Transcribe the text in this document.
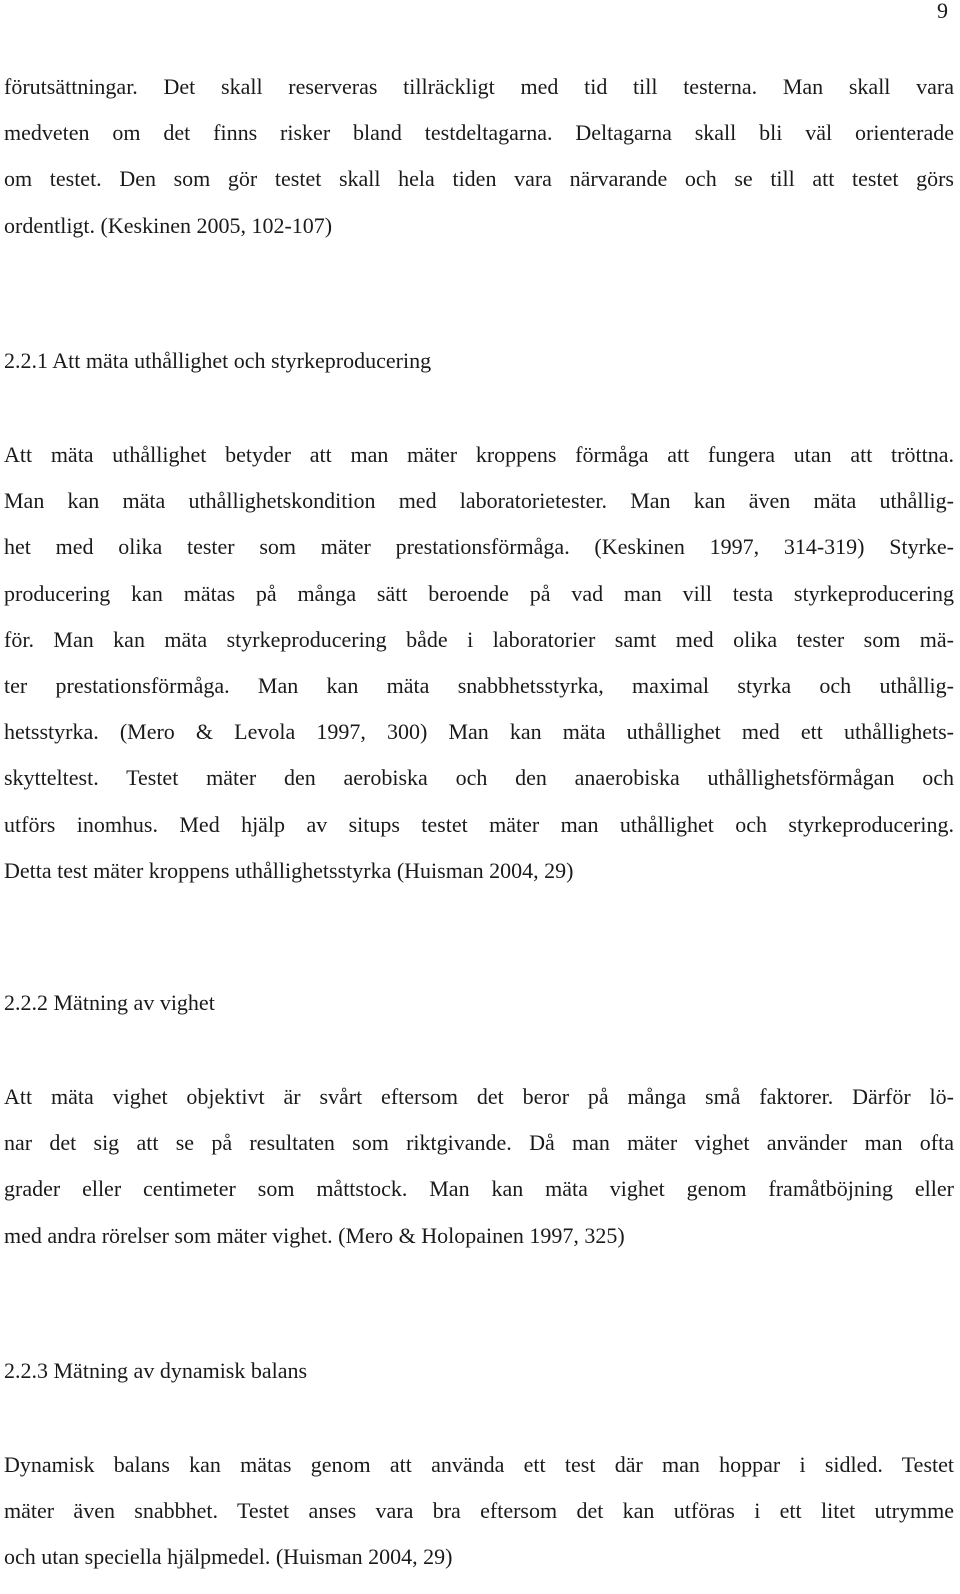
9

förutsättningar. Det skall reserveras tillräckligt med tid till testerna. Man skall vara
medveten om det finns risker bland testdeltagarna. Deltagarna skall bli väl orienterade
om testet. Den som gör testet skall hela tiden vara närvarande och se till att testet görs
ordentligt. (Keskinen 2005, 102-107)

2.2.1 Att mäta uthållighet och styrkeproducering

Att mäta uthållighet betyder att man mäter kroppens förmåga att fungera utan att tröttna.
Man kan mäta uthållighetskondition med laboratorietester. Man kan även mäta uthållig-
het med olika tester som mäter prestationsförmåga. (Keskinen 1997, 314-319) Styrke-
producering kan mätas på många sätt beroende på vad man vill testa styrkeproducering
för. Man kan mäta styrkeproducering både i laboratorier samt med olika tester som mä-
ter prestationsförmåga. Man kan mäta snabbhetsstyrka, maximal styrka och uthållig-
hetsstyrka. (Mero & Levola 1997, 300) Man kan mäta uthållighet med ett uthållighets-
skytteltest. Testet mäter den aerobiska och den anaerobiska uthållighetsförmågan och
utförs inomhus. Med hjälp av situps testet mäter man uthållighet och styrkeproducering.
Detta test mäter kroppens uthållighetsstyrka (Huisman 2004, 29)

2.2.2 Mätning av vighet

Att mäta vighet objektivt är svårt eftersom det beror på många små faktorer. Därför lö-
nar det sig att se på resultaten som riktgivande. Då man mäter vighet använder man ofta
grader eller centimeter som måttstock. Man kan mäta vighet genom framåtböjning eller
med andra rörelser som mäter vighet. (Mero & Holopainen 1997, 325)

2.2.3 Mätning av dynamisk balans

Dynamisk balans kan mätas genom att använda ett test där man hoppar i sidled. Testet
mäter även snabbhet. Testet anses vara bra eftersom det kan utföras i ett litet utrymme
och utan speciella hjälpmedel. (Huisman 2004, 29)
